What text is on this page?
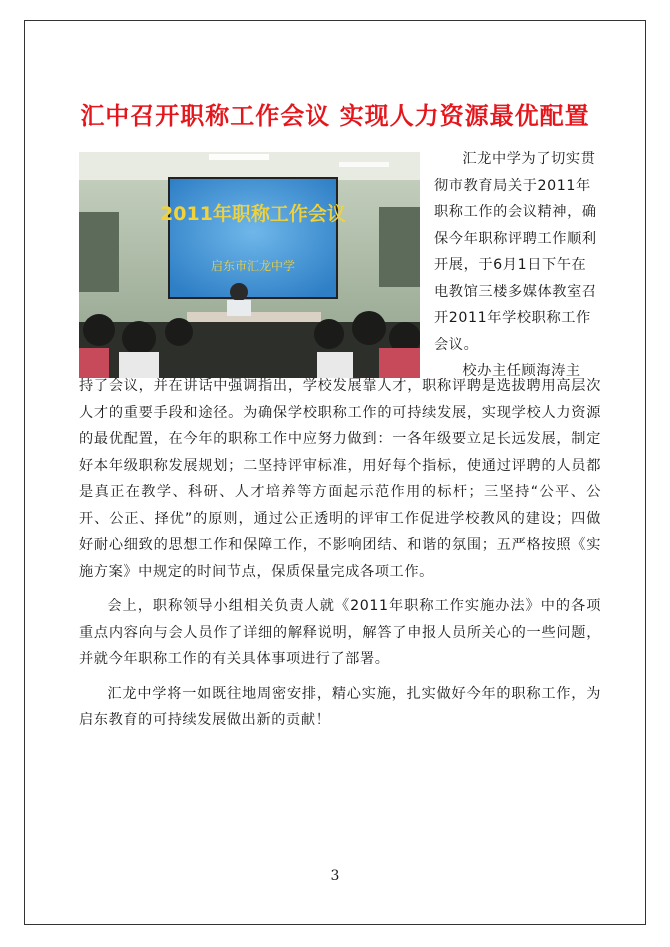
汇中召开职称工作会议 实现人力资源最优配置
2011年职称工作会议
启东市汇龙中学

汇龙中学为了切实贯彻市教育局关于2011年职称工作的会议精神，确保今年职称评聘工作顺利开展，于6月1日下午在电教馆三楼多媒体教室召开2011年学校职称工作会议。

校办主任顾海涛主

持了会议，并在讲话中强调指出，学校发展靠人才，职称评聘是选拔聘用高层次人才的重要手段和途径。为确保学校职称工作的可持续发展，实现学校人力资源的最优配置，在今年的职称工作中应努力做到：一各年级要立足长远发展，制定好本年级职称发展规划；二坚持评审标准，用好每个指标，使通过评聘的人员都是真正在教学、科研、人才培养等方面起示范作用的标杆；三坚持“公平、公开、公正、择优”的原则，通过公正透明的评审工作促进学校教风的建设；四做好耐心细致的思想工作和保障工作，不影响团结、和谐的氛围；五严格按照《实施方案》中规定的时间节点，保质保量完成各项工作。

会上，职称领导小组相关负责人就《2011年职称工作实施办法》中的各项重点内容向与会人员作了详细的解释说明，解答了申报人员所关心的一些问题，并就今年职称工作的有关具体事项进行了部署。

汇龙中学将一如既往地周密安排，精心实施，扎实做好今年的职称工作，为启东教育的可持续发展做出新的贡献！

3
